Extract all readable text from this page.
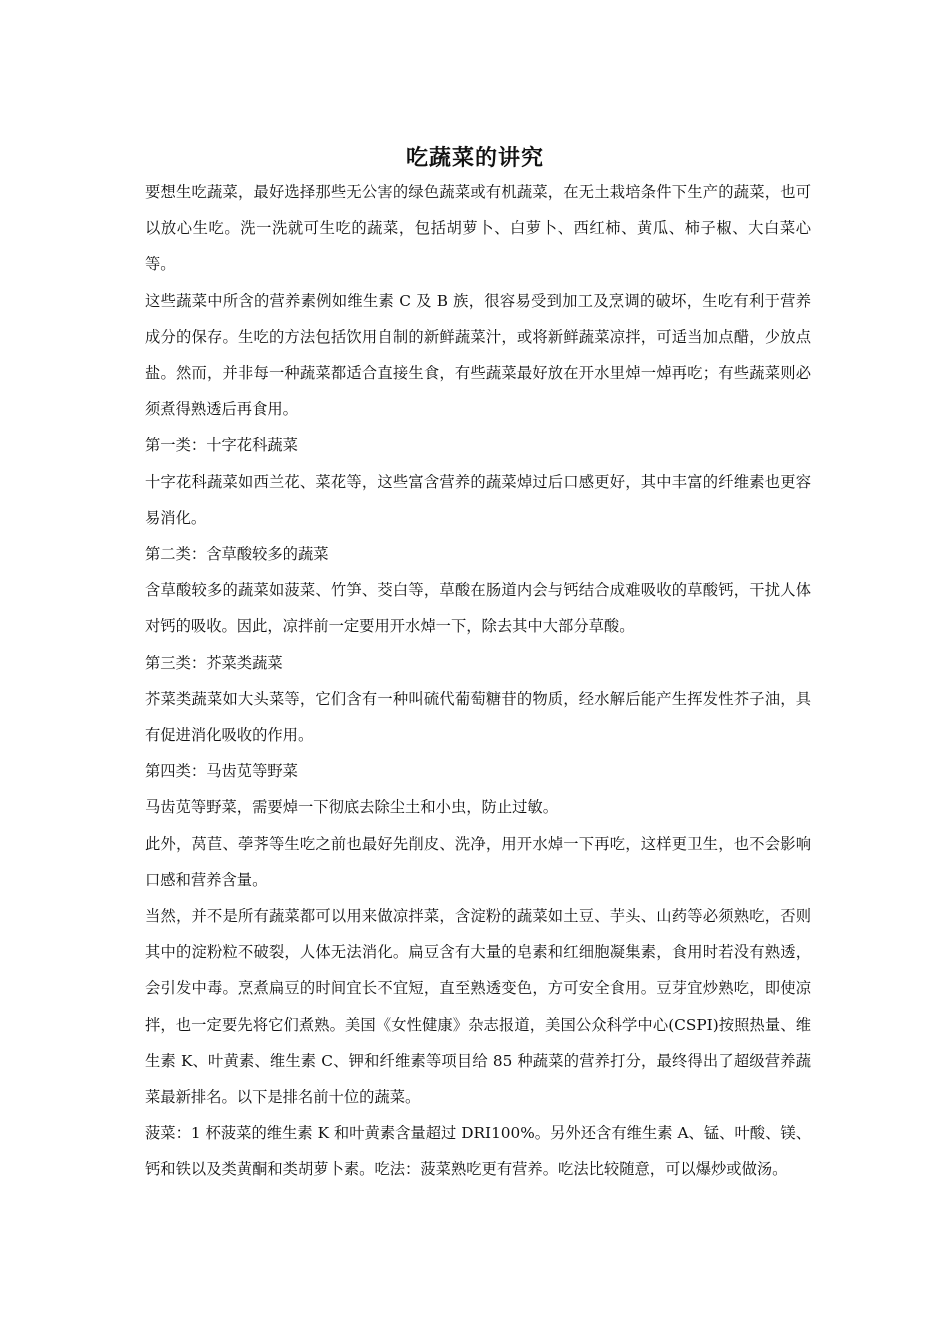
吃蔬菜的讲究

要想生吃蔬菜，最好选择那些无公害的绿色蔬菜或有机蔬菜，在无土栽培条件下生产的蔬菜，也可以放心生吃。洗一洗就可生吃的蔬菜，包括胡萝卜、白萝卜、西红柿、黄瓜、柿子椒、大白菜心等。

这些蔬菜中所含的营养素例如维生素 C 及 B 族，很容易受到加工及烹调的破坏，生吃有利于营养成分的保存。生吃的方法包括饮用自制的新鲜蔬菜汁，或将新鲜蔬菜凉拌，可适当加点醋，少放点盐。然而，并非每一种蔬菜都适合直接生食，有些蔬菜最好放在开水里焯一焯再吃；有些蔬菜则必须煮得熟透后再食用。

第一类：十字花科蔬菜

十字花科蔬菜如西兰花、菜花等，这些富含营养的蔬菜焯过后口感更好，其中丰富的纤维素也更容易消化。

第二类：含草酸较多的蔬菜

含草酸较多的蔬菜如菠菜、竹笋、茭白等，草酸在肠道内会与钙结合成难吸收的草酸钙，干扰人体对钙的吸收。因此，凉拌前一定要用开水焯一下，除去其中大部分草酸。

第三类：芥菜类蔬菜

芥菜类蔬菜如大头菜等，它们含有一种叫硫代葡萄糖苷的物质，经水解后能产生挥发性芥子油，具有促进消化吸收的作用。

第四类：马齿苋等野菜

马齿苋等野菜，需要焯一下彻底去除尘土和小虫，防止过敏。

此外，莴苣、荸荠等生吃之前也最好先削皮、洗净，用开水焯一下再吃，这样更卫生，也不会影响口感和营养含量。

当然，并不是所有蔬菜都可以用来做凉拌菜，含淀粉的蔬菜如土豆、芋头、山药等必须熟吃，否则其中的淀粉粒不破裂，人体无法消化。扁豆含有大量的皂素和红细胞凝集素，食用时若没有熟透，会引发中毒。烹煮扁豆的时间宜长不宜短，直至熟透变色，方可安全食用。豆芽宜炒熟吃，即使凉拌，也一定要先将它们煮熟。美国《女性健康》杂志报道，美国公众科学中心(CSPI)按照热量、维生素 K、叶黄素、维生素 C、钾和纤维素等项目给 85 种蔬菜的营养打分，最终得出了超级营养蔬菜最新排名。以下是排名前十位的蔬菜。

菠菜：1 杯菠菜的维生素 K 和叶黄素含量超过 DRI100%。另外还含有维生素 A、锰、叶酸、镁、钙和铁以及类黄酮和类胡萝卜素。吃法：菠菜熟吃更有营养。吃法比较随意，可以爆炒或做汤。
